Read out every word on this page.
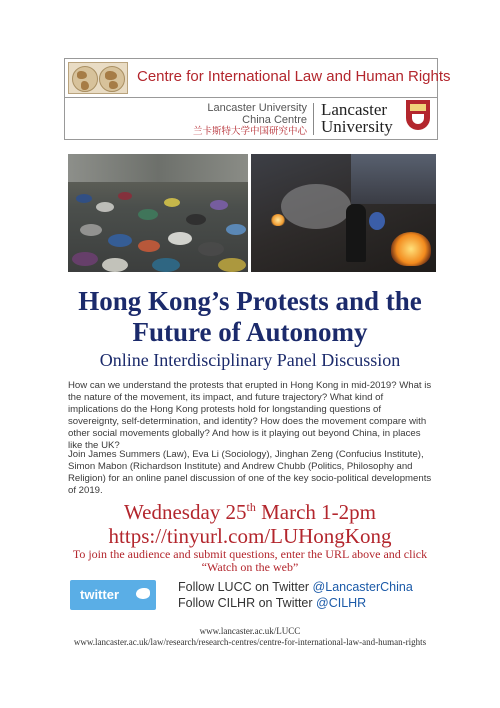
Centre for International Law and Human Rights
Lancaster University
China Centre
兰卡斯特大学中国研究中心
Lancaster
University
Hong Kong’s Protests and the
Future of Autonomy
Online Interdisciplinary Panel Discussion
How can we understand the protests that erupted in Hong Kong in mid-2019? What is the nature of the movement, its impact, and future trajectory? What kind of implications do the Hong Kong protests hold for longstanding questions of sovereignty, self-determination, and identity? How does the movement compare with other social movements globally? And how is it playing out beyond China, in places like the UK?
Join James Summers (Law), Eva Li (Sociology), Jinghan Zeng (Confucius Institute), Simon Mabon (Richardson Institute) and Andrew Chubb (Politics, Philosophy and Religion) for an online panel discussion of one of the key socio-political developments of 2019.
Wednesday 25th March 1-2pm
https://tinyurl.com/LUHongKong
To join the audience and submit questions, enter the URL above and click
“Watch on the web”
twitter	Follow LUCC on Twitter @LancasterChina
Follow CILHR on Twitter @CILHR
www.lancaster.ac.uk/LUCC
www.lancaster.ac.uk/law/research/research-centres/centre-for-international-law-and-human-rights
